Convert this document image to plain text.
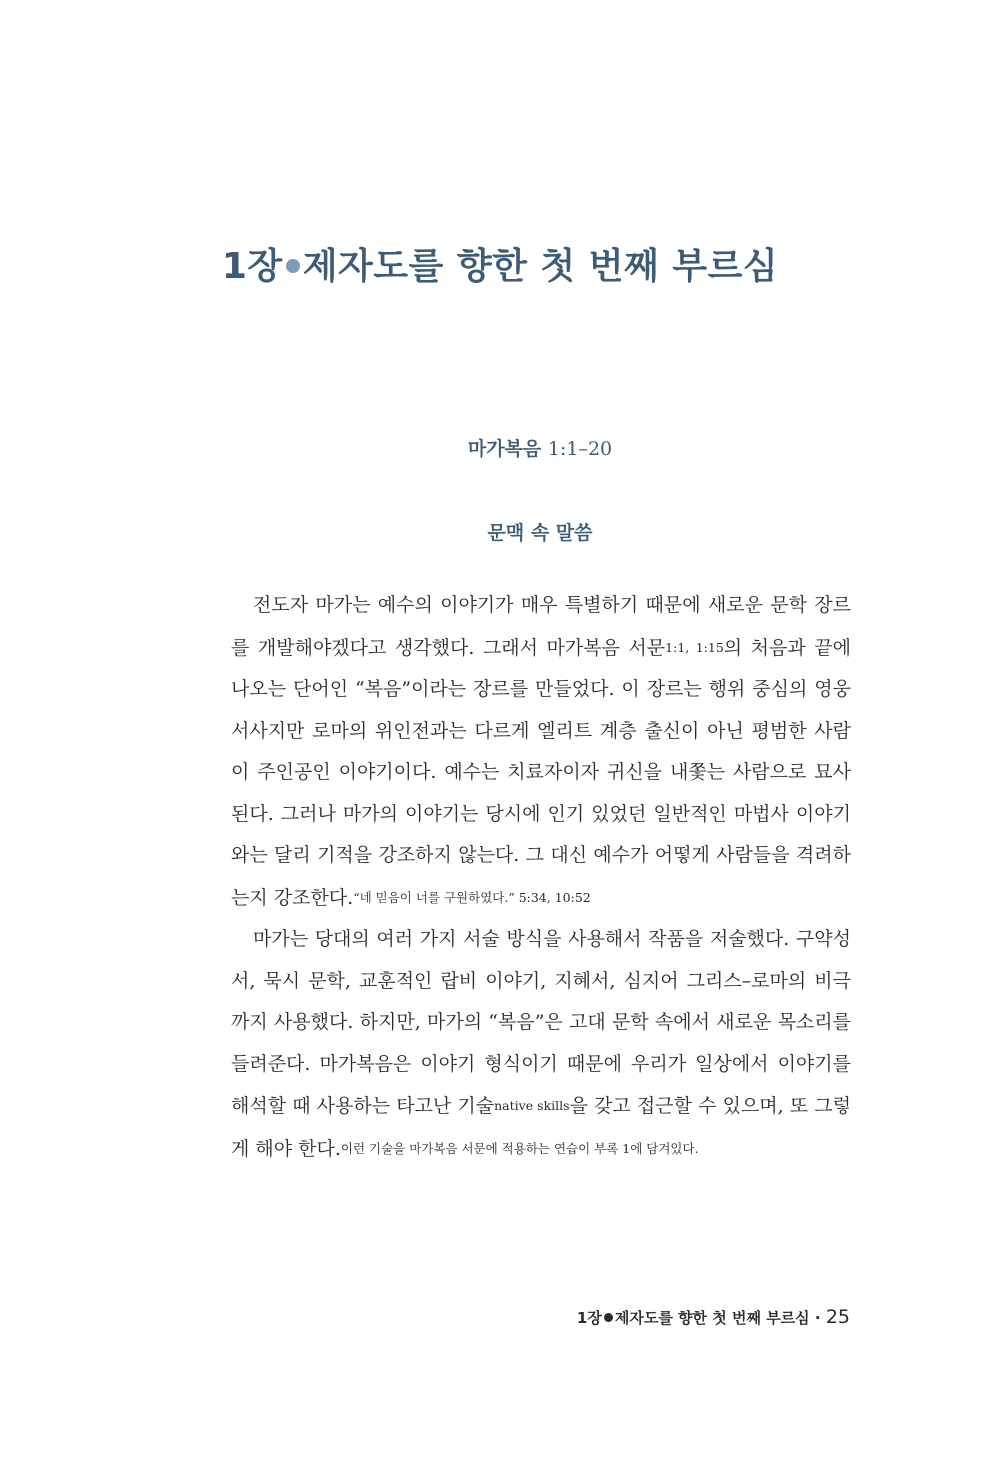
1장 제자도를 향한 첫 번째 부르심
마가복음 1:1–20
문맥 속 말씀

전도자 마가는 예수의 이야기가 매우 특별하기 때문에 새로운 문학 장르를 개발해야겠다고 생각했다. 그래서 마가복음 서문1:1, 1:15의 처음과 끝에 나오는 단어인 “복음”이라는 장르를 만들었다. 이 장르는 행위 중심의 영웅 서사지만 로마의 위인전과는 다르게 엘리트 계층 출신이 아닌 평범한 사람이 주인공인 이야기이다. 예수는 치료자이자 귀신을 내쫓는 사람으로 묘사된다. 그러나 마가의 이야기는 당시에 인기 있었던 일반적인 마법사 이야기와는 달리 기적을 강조하지 않는다. 그 대신 예수가 어떻게 사람들을 격려하는지 강조한다.“네 믿음이 너를 구원하였다.” 5:34, 10:52

마가는 당대의 여러 가지 서술 방식을 사용해서 작품을 저술했다. 구약성서, 묵시 문학, 교훈적인 랍비 이야기, 지혜서, 심지어 그리스–로마의 비극까지 사용했다. 하지만, 마가의 “복음”은 고대 문학 속에서 새로운 목소리를 들려준다. 마가복음은 이야기 형식이기 때문에 우리가 일상에서 이야기를 해석할 때 사용하는 타고난 기술native skills을 갖고 접근할 수 있으며, 또 그렇게 해야 한다.이런 기술을 마가복음 서문에 적용하는 연습이 부록 1에 담겨있다.

1장 제자도를 향한 첫 번째 부르심 · 25
